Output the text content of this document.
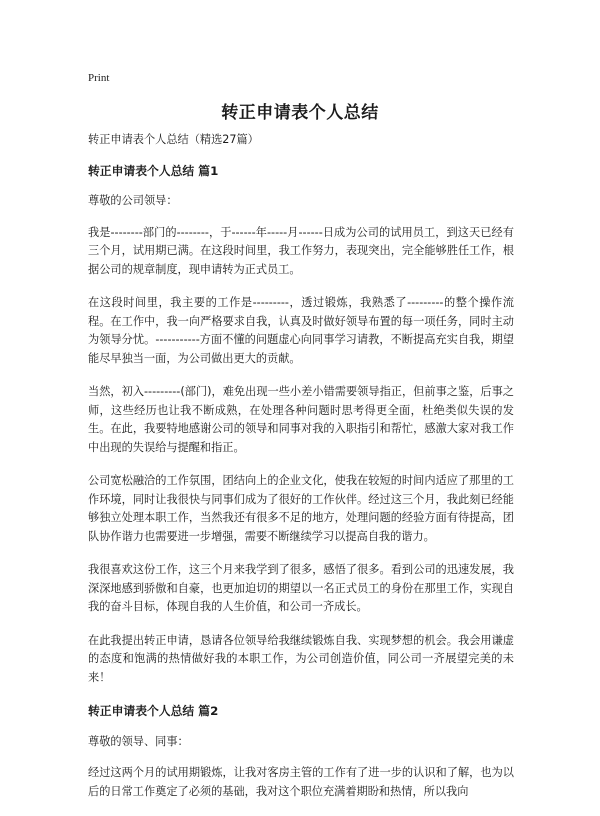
Print
转正申请表个人总结

转正申请表个人总结（精选27篇）

转正申请表个人总结 篇1

尊敬的公司领导：

我是--------部门的--------，于------年-----月------日成为公司的试用员工，到这天已经有三个月，试用期已满。在这段时间里，我工作努力，表现突出，完全能够胜任工作，根据公司的规章制度，现申请转为正式员工。

在这段时间里，我主要的工作是---------，透过锻炼，我熟悉了---------的整个操作流程。在工作中，我一向严格要求自我，认真及时做好领导布置的每一项任务，同时主动为领导分忧。-----------方面不懂的问题虚心向同事学习请教，不断提高充实自我，期望能尽早独当一面，为公司做出更大的贡献。

当然，初入---------(部门)，难免出现一些小差小错需要领导指正，但前事之鉴，后事之师，这些经历也让我不断成熟，在处理各种问题时思考得更全面，杜绝类似失误的发生。在此，我要特地感谢公司的领导和同事对我的入职指引和帮忙，感激大家对我工作中出现的失误给与提醒和指正。

公司宽松融洽的工作氛围，团结向上的企业文化，使我在较短的时间内适应了那里的工作环境，同时让我很快与同事们成为了很好的工作伙伴。经过这三个月，我此刻已经能够独立处理本职工作，当然我还有很多不足的地方，处理问题的经验方面有待提高，团队协作谐力也需要进一步增强，需要不断继续学习以提高自我的谐力。

我很喜欢这份工作，这三个月来我学到了很多，感悟了很多。看到公司的迅速发展，我深深地感到骄傲和自豪，也更加迫切的期望以一名正式员工的身份在那里工作，实现自我的奋斗目标，体现自我的人生价值，和公司一齐成长。

在此我提出转正申请，恳请各位领导给我继续锻炼自我、实现梦想的机会。我会用谦虚的态度和饱满的热情做好我的本职工作，为公司创造价值，同公司一齐展望完美的未来！

转正申请表个人总结 篇2

尊敬的领导、同事：

经过这两个月的试用期锻炼，让我对客房主管的工作有了进一步的认识和了解，也为以后的日常工作奠定了必须的基础，我对这个职位充满着期盼和热情，所以我向
